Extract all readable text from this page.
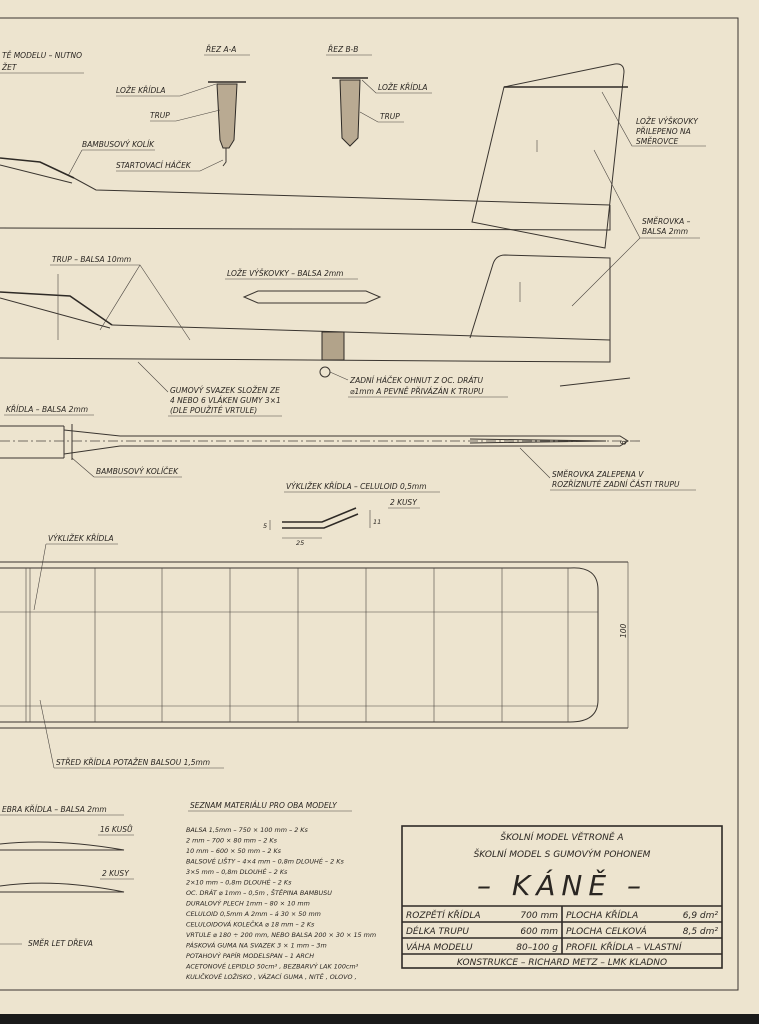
TĚ MODELU – NUTNO
ŽET
ŘEZ A-A
LOŽE KŘÍDLA
TRUP
STARTOVACÍ HÁČEK
ŘEZ B-B
LOŽE KŘÍDLA
TRUP
BAMBUSOVÝ KOLÍK
LOŽE VÝŠKOVKY
PŘILEPENO NA
SMĚROVCE
SMĚROVKA –
BALSA 2mm
TRUP – BALSA 10mm
LOŽE VÝŠKOVKY – BALSA 2mm
GUMOVÝ SVAZEK SLOŽEN ZE
4 NEBO 6 VLÁKEN GUMY 3×1
(DLE POUŽITÉ VRTULE)
ZADNÍ HÁČEK OHNUT Z OC. DRÁTU
⌀1mm A PEVNĚ PŘIVÁZÁN K TRUPU
KŘÍDLA – BALSA 2mm
6
BAMBUSOVÝ KOLÍČEK	SMĚROVKA ZALEPENA V
ROZŘÍZNUTÉ ZADNÍ ČÁSTI TRUPU
VÝKLIŽEK KŘÍDLA – CELULOID 0,5mm
2 KUSY
5
25
11
VÝKLIŽEK KŘÍDLA
100
STŘED KŘÍDLA POTAŽEN BALSOU 1,5mm
EBRA KŘÍDLA – BALSA 2mm
16 KUSŮ
2 KUSY
SMĚR LET DŘEVA
SEZNAM MATERIÁLU PRO OBA MODELY
BALSA 1,5mm – 750 × 100 mm – 2 Ks
2 mm – 700 × 80 mm – 2 Ks
10 mm – 600 × 50 mm – 2 Ks
BALSOVÉ LIŠTY – 4×4 mm – 0,8m DLOUHÉ – 2 Ks
3×5 mm – 0,8m DLOUHÉ – 2 Ks
2×10 mm – 0,8m DLOUHÉ – 2 Ks
OC. DRÁT ⌀ 1mm – 0,5m , ŠTĚPINA BAMBUSU
DURALOVÝ PLECH 1mm – 80 × 10 mm
CELULOID 0,5mm A 2mm – á 30 × 50 mm
CELULOIDOVÁ KOLEČKA ⌀ 18 mm – 2 Ks
VRTULE ⌀ 180 ÷ 200 mm, NEBO BALSA 200 × 30 × 15 mm
PÁSKOVÁ GUMA NA SVAZEK 3 × 1 mm – 3m
POTAHOVÝ PAPÍR MODELSPAN – 1 ARCH
ACETONOVÉ LEPIDLO 50cm³ , BEZBARVÝ LAK 100cm³
KULIČKOVÉ LOŽISKO , VÁZACÍ GUMA , NITĚ , OLOVO ,
ŠKOLNÍ MODEL VĚTRONĚ A
ŠKOLNÍ MODEL S GUMOVÝM POHONEM
– KÁNĚ –
ROZPĚTÍ KŘÍDLA	700 mm PLOCHA KŘÍDLA	6,9 dm²
DÉLKA TRUPU	600 mm PLOCHA CELKOVÁ	8,5 dm²
VÁHA MODELU	80–100 g PROFIL KŘÍDLA – VLASTNÍ
KONSTRUKCE – RICHARD METZ – LMK KLADNO
